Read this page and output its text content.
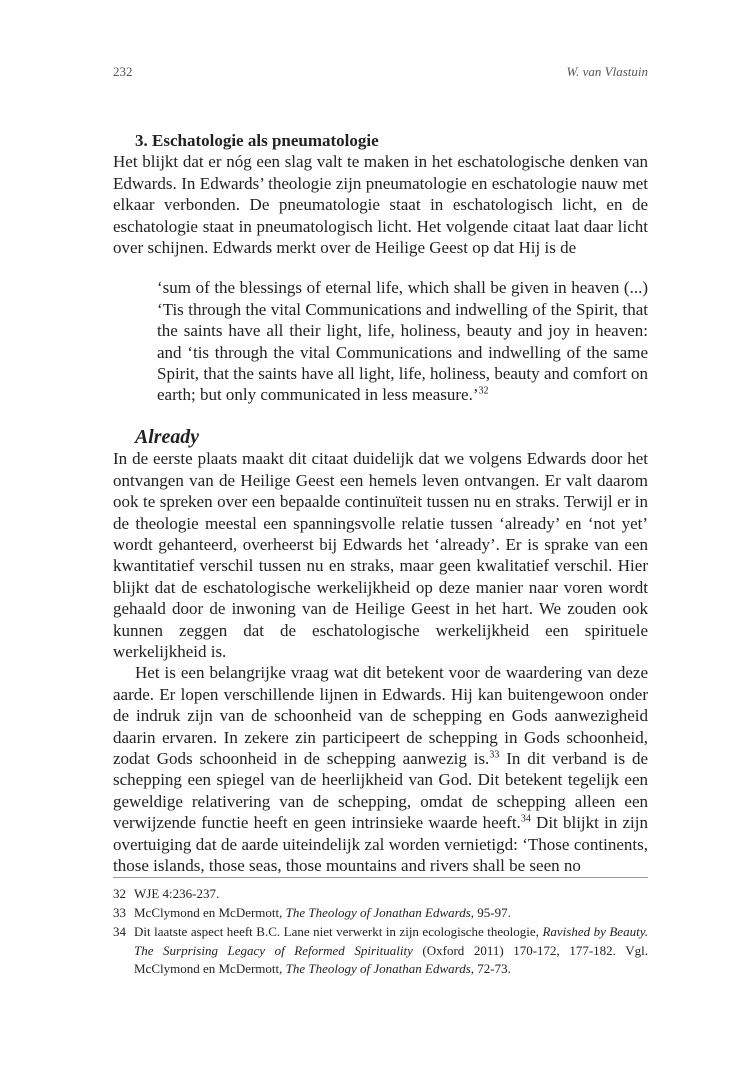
232	W. van Vlastuin
3. Eschatologie als pneumatologie

Het blijkt dat er nóg een slag valt te maken in het eschatologische denken van Edwards. In Edwards’ theologie zijn pneumatologie en eschatologie nauw met elkaar verbonden. De pneumatologie staat in eschatologisch licht, en de eschatologie staat in pneumatologisch licht. Het volgende citaat laat daar licht over schijnen. Edwards merkt over de Heilige Geest op dat Hij is de

‘sum of the blessings of eternal life, which shall be given in heaven (...) ‘Tis through the vital Communications and indwelling of the Spirit, that the saints have all their light, life, holiness, beauty and joy in heaven: and ‘tis through the vital Communications and indwelling of the same Spirit, that the saints have all light, life, holiness, beauty and comfort on earth; but only communicated in less measure.’$^{32}$

Already

In de eerste plaats maakt dit citaat duidelijk dat we volgens Edwards door het ontvangen van de Heilige Geest een hemels leven ontvangen. Er valt daarom ook te spreken over een bepaalde continuïteit tussen nu en straks. Terwijl er in de theologie meestal een spanningsvolle relatie tussen ‘already’ en ‘not yet’ wordt gehanteerd, overheerst bij Edwards het ‘already’. Er is sprake van een kwantitatief verschil tussen nu en straks, maar geen kwalitatief verschil. Hier blijkt dat de eschatologische werkelijkheid op deze manier naar voren wordt gehaald door de inwoning van de Heilige Geest in het hart. We zouden ook kunnen zeggen dat de eschatologische werkelijkheid een spirituele werkelijkheid is.

Het is een belangrijke vraag wat dit betekent voor de waardering van deze aarde. Er lopen verschillende lijnen in Edwards. Hij kan buitengewoon onder de indruk zijn van de schoonheid van de schepping en Gods aanwezigheid daarin ervaren. In zekere zin participeert de schepping in Gods schoonheid, zodat Gods schoonheid in de schepping aanwezig is.$^{33}$ In dit verband is de schepping een spiegel van de heerlijkheid van God. Dit betekent tegelijk een geweldige relativering van de schepping, omdat de schepping alleen een verwijzende functie heeft en geen intrinsieke waarde heeft.$^{34}$ Dit blijkt in zijn overtuiging dat de aarde uiteindelijk zal worden vernietigd: ‘Those continents, those islands, those seas, those mountains and rivers shall be seen no

32 WJE 4:236-237.
33 McClymond en McDermott, The Theology of Jonathan Edwards, 95-97.
34 Dit laatste aspect heeft B.C. Lane niet verwerkt in zijn ecologische theologie, Ravished by Beauty. The Surprising Legacy of Reformed Spirituality (Oxford 2011) 170-172, 177-182. Vgl. McClymond en McDermott, The Theology of Jonathan Edwards, 72-73.
